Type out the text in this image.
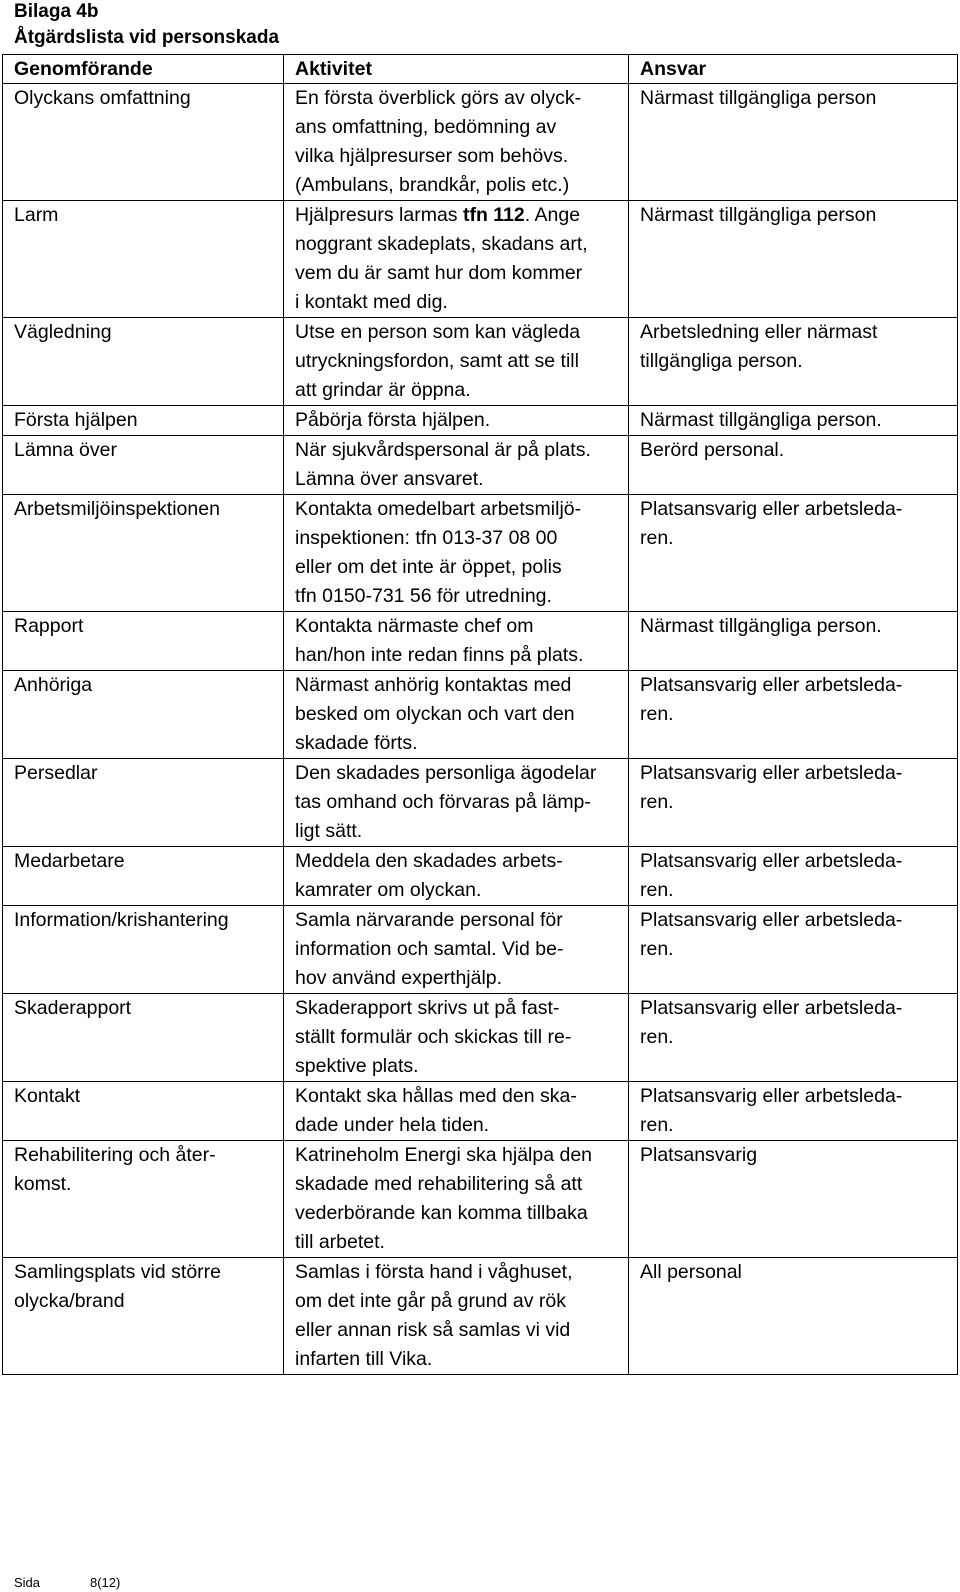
Bilaga 4b
Åtgärdslista vid personskada
Genomförande	Aktivitet	Ansvar
Olyckans omfattning	En första överblick görs av olyck-
ans omfattning, bedömning av
vilka hjälpresurser som behövs.
(Ambulans, brandkår, polis etc.)	Närmast tillgängliga person
Larm	Hjälpresurs larmas tfn 112. Ange
noggrant skadeplats, skadans art,
vem du är samt hur dom kommer
i kontakt med dig.	Närmast tillgängliga person
Vägledning	Utse en person som kan vägleda
utryckningsfordon, samt att se till
att grindar är öppna.	Arbetsledning eller närmast
tillgängliga person.
Första hjälpen	Påbörja första hjälpen.	Närmast tillgängliga person.
Lämna över	När sjukvårdspersonal är på plats.
Lämna över ansvaret.	Berörd personal.
Arbetsmiljöinspektionen	Kontakta omedelbart arbetsmiljö-
inspektionen: tfn 013-37 08 00
eller om det inte är öppet, polis
tfn 0150-731 56 för utredning.	Platsansvarig eller arbetsleda-
ren.
Rapport	Kontakta närmaste chef om
han/hon inte redan finns på plats.	Närmast tillgängliga person.
Anhöriga	Närmast anhörig kontaktas med
besked om olyckan och vart den
skadade förts.	Platsansvarig eller arbetsleda-
ren.
Persedlar	Den skadades personliga ägodelar
tas omhand och förvaras på lämp-
ligt sätt.	Platsansvarig eller arbetsleda-
ren.
Medarbetare	Meddela den skadades arbets-
kamrater om olyckan.	Platsansvarig eller arbetsleda-
ren.
Information/krishantering	Samla närvarande personal för
information och samtal. Vid be-
hov använd experthjälp.	Platsansvarig eller arbetsleda-
ren.
Skaderapport	Skaderapport skrivs ut på fast-
ställt formulär och skickas till re-
spektive plats.	Platsansvarig eller arbetsleda-
ren.
Kontakt	Kontakt ska hållas med den ska-
dade under hela tiden.	Platsansvarig eller arbetsleda-
ren.
Rehabilitering och åter-
komst.	Katrineholm Energi ska hjälpa den
skadade med rehabilitering så att
vederbörande kan komma tillbaka
till arbetet.	Platsansvarig
Samlingsplats vid större
olycka/brand	Samlas i första hand i våghuset,
om det inte går på grund av rök
eller annan risk så samlas vi vid
infarten till Vika.	All personal
Sida	8(12)
